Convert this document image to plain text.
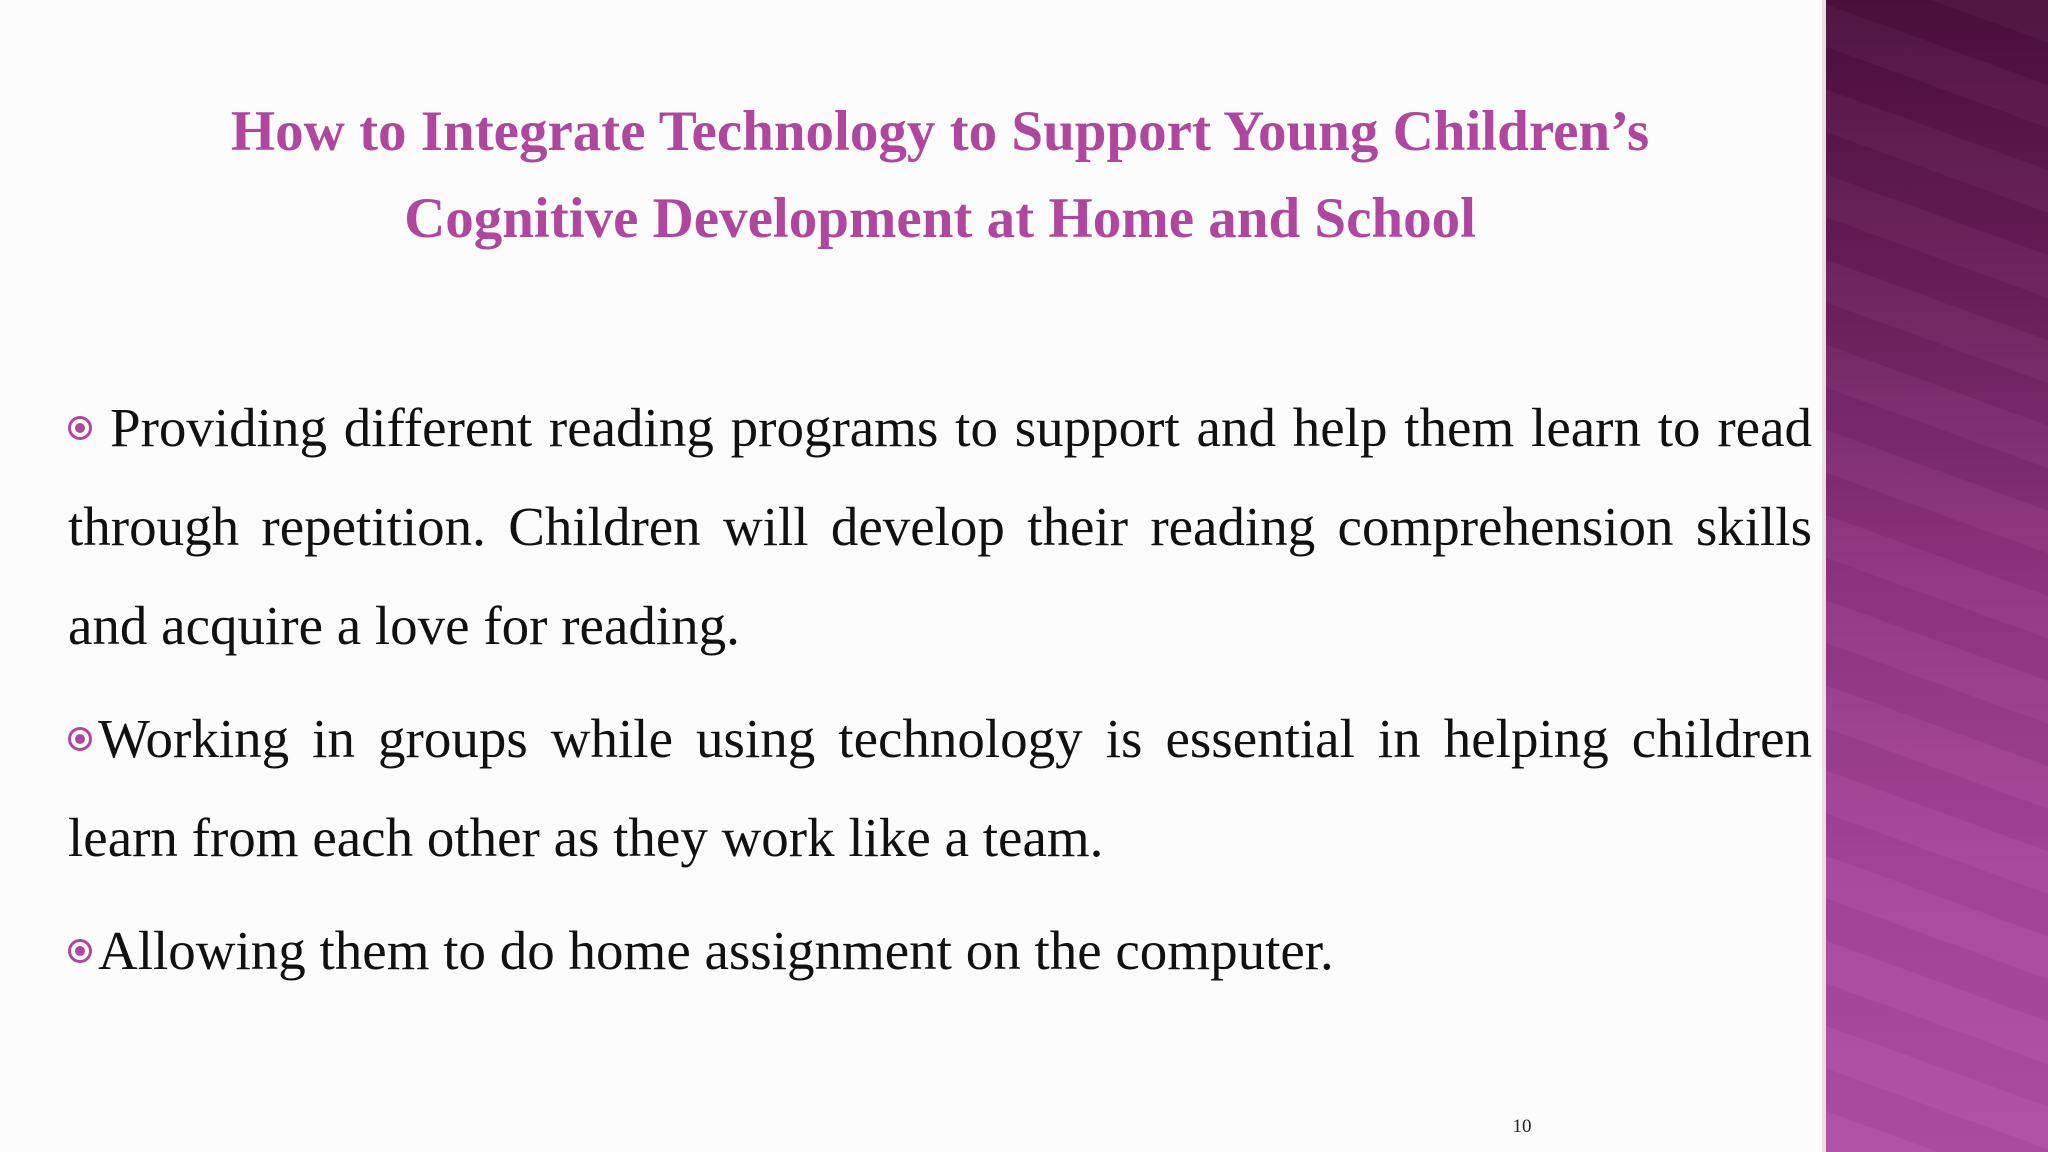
How to Integrate Technology to Support Young Children’s
Cognitive Development at Home and School

Providing different reading programs to support and help them learn to read through repetition. Children will develop their reading comprehension skills and acquire a love for reading.

Working in groups while using technology is essential in helping children learn from each other as they work like a team.

Allowing them to do home assignment on the computer.

10
